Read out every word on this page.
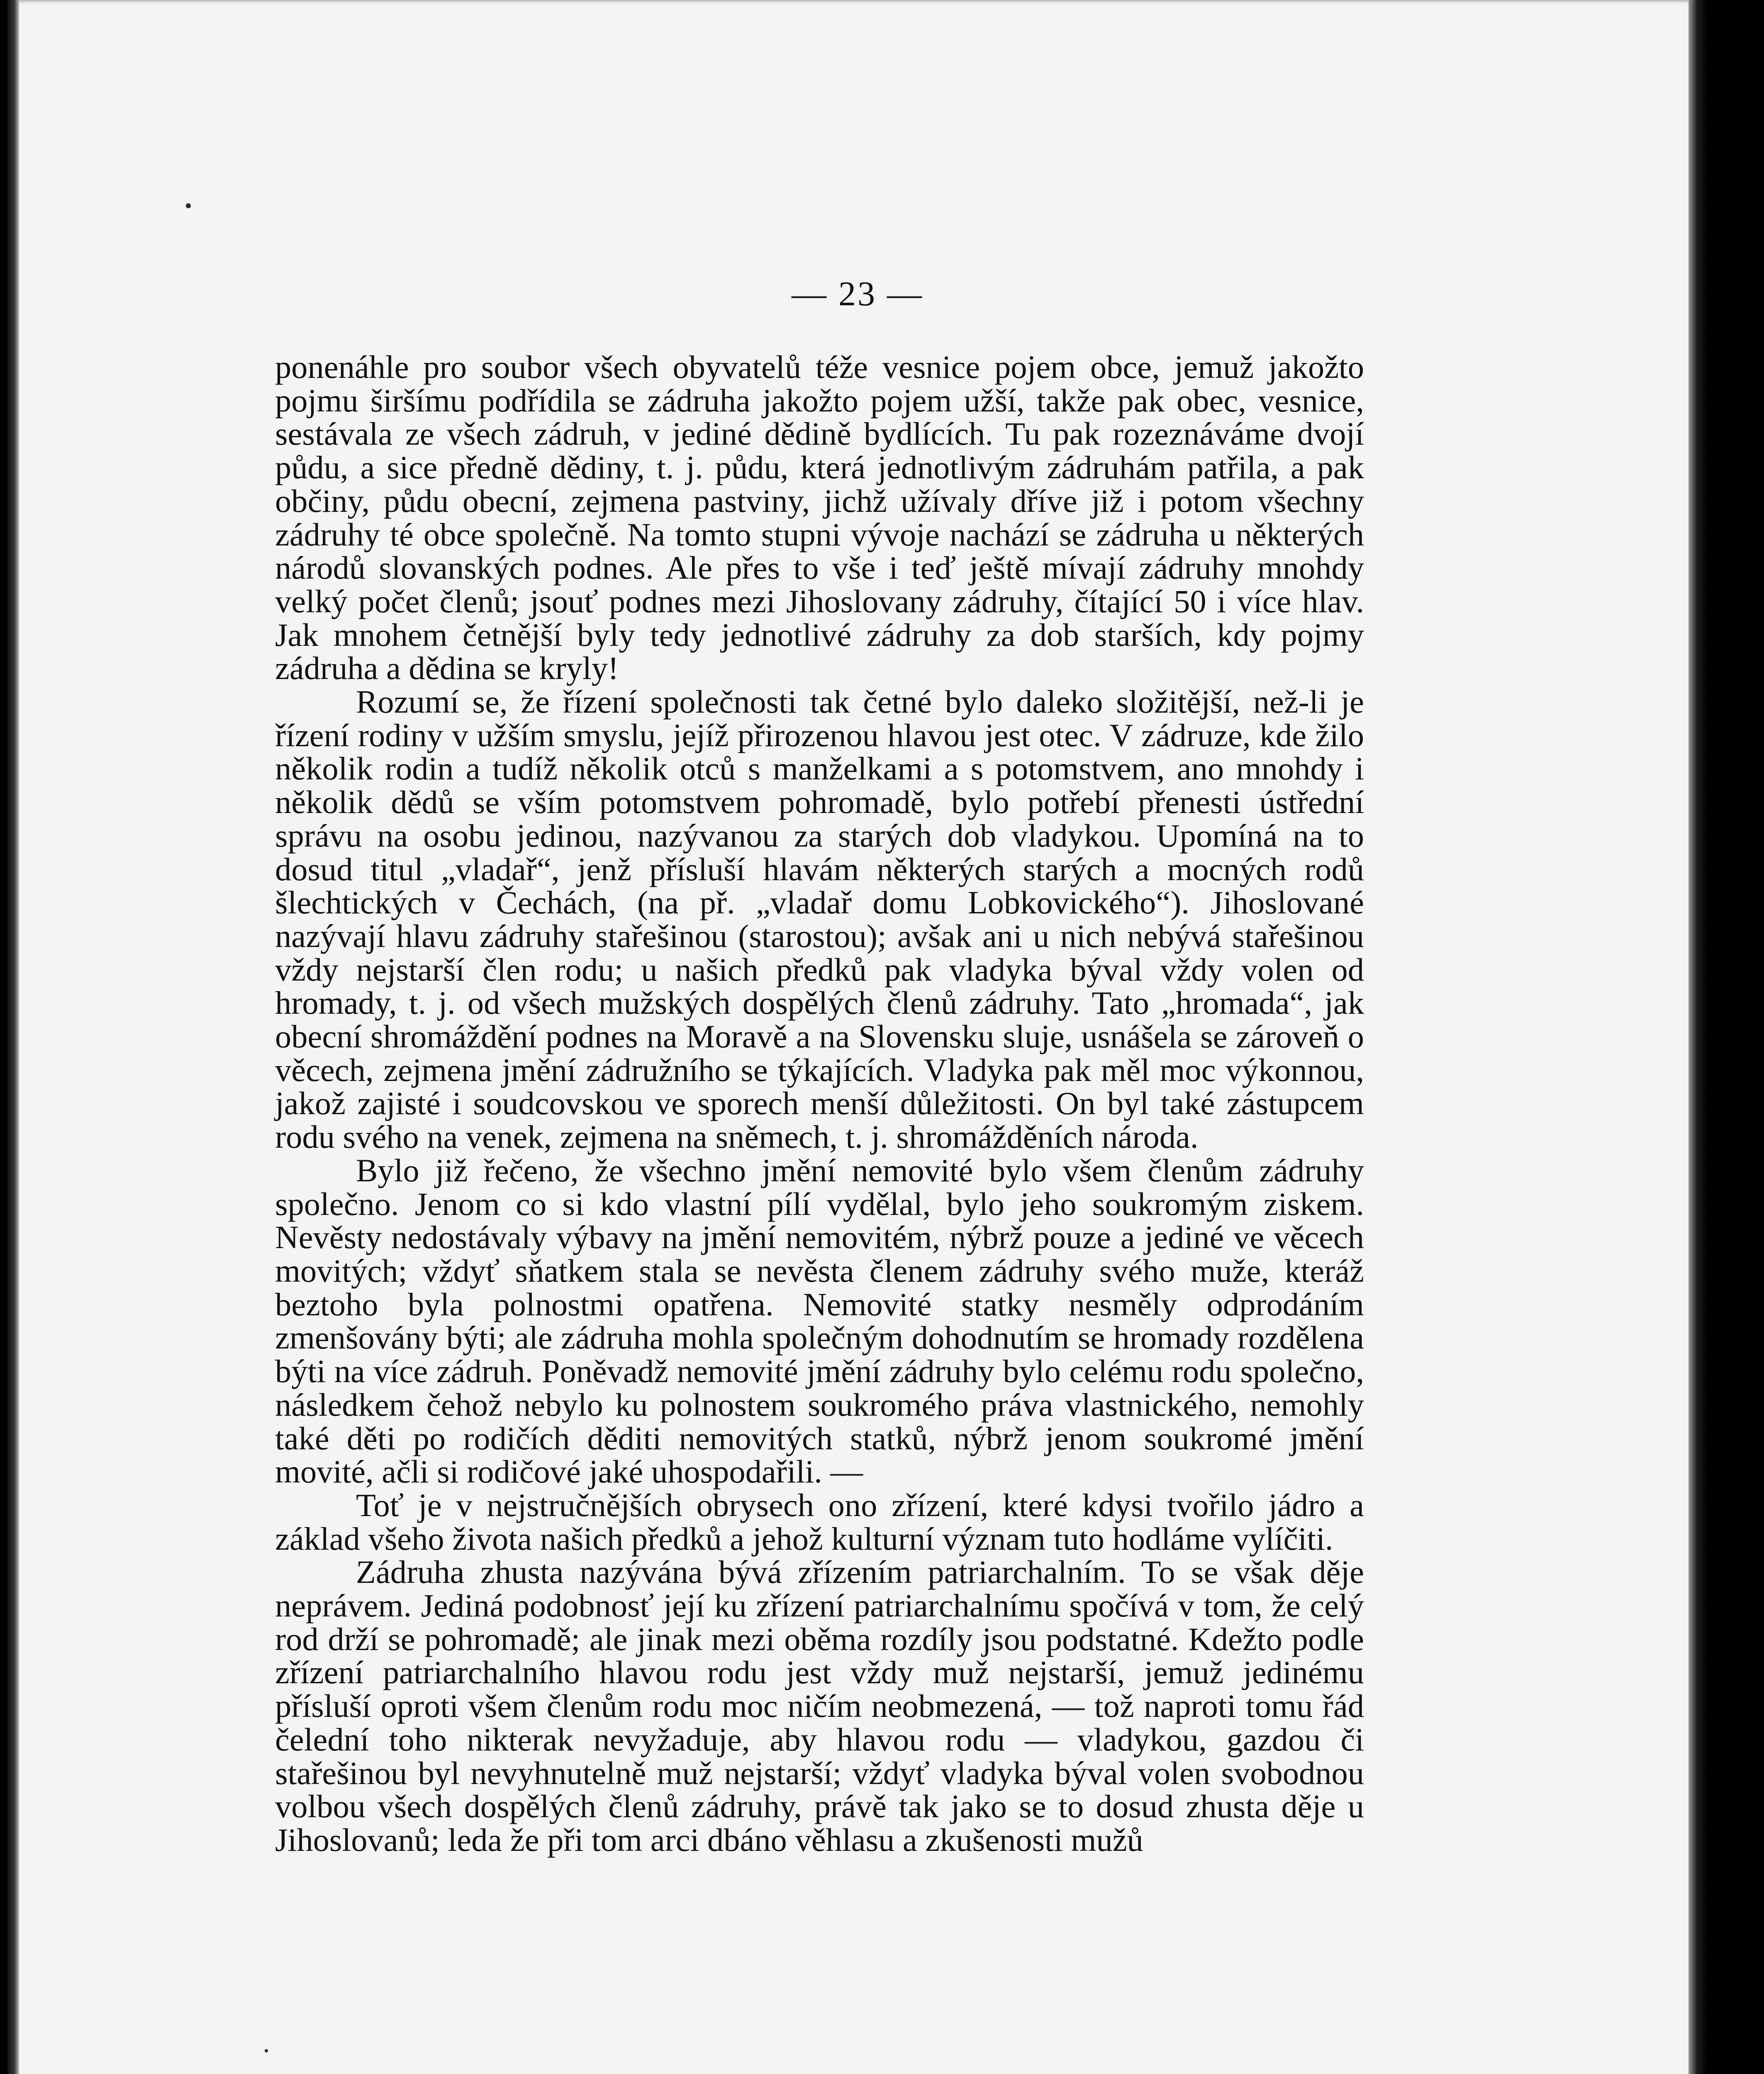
— 23 —

ponenáhle pro soubor všech obyvatelů téže vesnice pojem obce, jemuž jakožto pojmu širšímu podřídila se zádruha jakožto pojem užší, takže pak obec, vesnice, sestávala ze všech zádruh, v jediné dědině bydlících. Tu pak rozeznáváme dvojí půdu, a sice předně dědiny, t. j. půdu, která jednotlivým zádruhám patřila, a pak občiny, půdu obecní, zejmena pastviny, jichž užívaly dříve již i potom všechny zádruhy té obce společně. Na tomto stupni vývoje nachází se zádruha u některých národů slovanských podnes. Ale přes to vše i teď ještě mívají zádruhy mnohdy velký počet členů; jsouť podnes mezi Jihoslovany zádruhy, čítající 50 i více hlav. Jak mnohem četnější byly tedy jednotlivé zádruhy za dob starších, kdy pojmy zádruha a dědina se kryly!

Rozumí se, že řízení společnosti tak četné bylo daleko složitější, než-li je řízení rodiny v užším smyslu, jejíž přirozenou hlavou jest otec. V zádruze, kde žilo několik rodin a tudíž několik otců s manželkami a s potomstvem, ano mnohdy i několik dědů se vším potomstvem pohromadě, bylo potřebí přenesti ústřední správu na osobu jedinou, nazývanou za starých dob vladykou. Upomíná na to dosud titul „vladař“, jenž přísluší hlavám některých starých a mocných rodů šlechtických v Čechách, (na př. „vladař domu Lobkovického“). Jihoslované nazývají hlavu zádruhy stařešinou (starostou); avšak ani u nich nebývá stařešinou vždy nejstarší člen rodu; u našich předků pak vladyka býval vždy volen od hromady, t. j. od všech mužských dospělých členů zádruhy. Tato „hromada“, jak obecní shromáždění podnes na Moravě a na Slovensku sluje, usnášela se zároveň o věcech, zejmena jmění zádružního se týkajících. Vladyka pak měl moc výkonnou, jakož zajisté i soudcovskou ve sporech menší důležitosti. On byl také zástupcem rodu svého na venek, zejmena na sněmech, t. j. shromážděních národa.

Bylo již řečeno, že všechno jmění nemovité bylo všem členům zádruhy společno. Jenom co si kdo vlastní pílí vydělal, bylo jeho soukromým ziskem. Nevěsty nedostávaly výbavy na jmění nemovitém, nýbrž pouze a jediné ve věcech movitých; vždyť sňatkem stala se nevěsta členem zádruhy svého muže, kteráž beztoho byla polnostmi opatřena. Nemovité statky nesměly odprodáním zmenšovány býti; ale zádruha mohla společným dohodnutím se hromady rozdělena býti na více zádruh. Poněvadž nemovité jmění zádruhy bylo celému rodu společno, následkem čehož nebylo ku polnostem soukromého práva vlastnického, nemohly také děti po rodičích děditi nemovitých statků, nýbrž jenom soukromé jmění movité, ačli si rodičové jaké uhospodařili. —

Toť je v nejstručnějších obrysech ono zřízení, které kdysi tvořilo jádro a základ všeho života našich předků a jehož kulturní význam tuto hodláme vylíčiti.

Zádruha zhusta nazývána bývá zřízením patriarchalním. To se však děje neprávem. Jediná podobnosť její ku zřízení patriarchalnímu spočívá v tom, že celý rod drží se pohromadě; ale jinak mezi oběma rozdíly jsou podstatné. Kdežto podle zřízení patriarchalního hlavou rodu jest vždy muž nejstarší, jemuž jedinému přísluší oproti všem členům rodu moc ničím neobmezená, — tož naproti tomu řád čelední toho nikterak nevyžaduje, aby hlavou rodu — vladykou, gazdou či stařešinou byl nevyhnutelně muž nejstarší; vždyť vladyka býval volen svobodnou volbou všech dospělých členů zádruhy, právě tak jako se to dosud zhusta děje u Jihoslovanů; leda že při tom arci dbáno věhlasu a zkušenosti mužů
